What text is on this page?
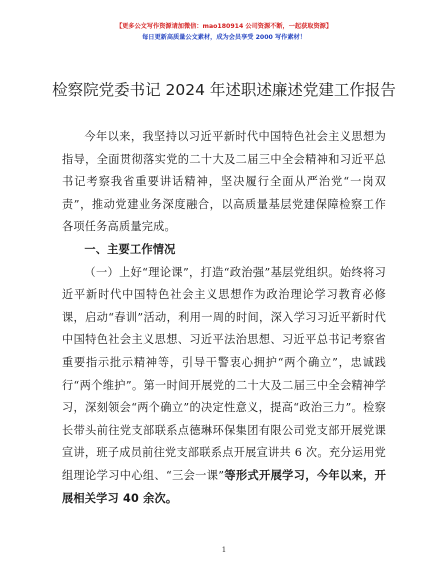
【更多公文写作资源请加微信：mao180914 公司资源不断，一起获取资源】
每日更新高质量公文素材，成为会员享受 2000 写作素材！
检察院党委书记 2024 年述职述廉述党建工作报告

今年以来，我坚持以习近平新时代中国特色社会主义思想为指导，全面贯彻落实党的二十大及二届三中全会精神和习近平总书记考察我省重要讲话精神，坚决履行全面从严治党“一岗双责”，推动党建业务深度融合，以高质量基层党建保障检察工作各项任务高质量完成。

一、主要工作情况

（一）上好“理论课”，打造“政治强”基层党组织。始终将习近平新时代中国特色社会主义思想作为政治理论学习教育必修课，启动“春训”活动，利用一周的时间，深入学习习近平新时代中国特色社会主义思想、习近平法治思想、习近平总书记考察省重要指示批示精神等，引导干警衷心拥护“两个确立”，忠诚践行“两个维护”。第一时间开展党的二十大及二届三中全会精神学习，深刻领会“两个确立”的决定性意义，提高“政治三力”。检察长带头前往党支部联系点德琳环保集团有限公司党支部开展党课宣讲，班子成员前往党支部联系点开展宣讲共 6 次。充分运用党组理论学习中心组、“三会一课”等形式开展学习，今年以来，开展相关学习 40 余次。

1
